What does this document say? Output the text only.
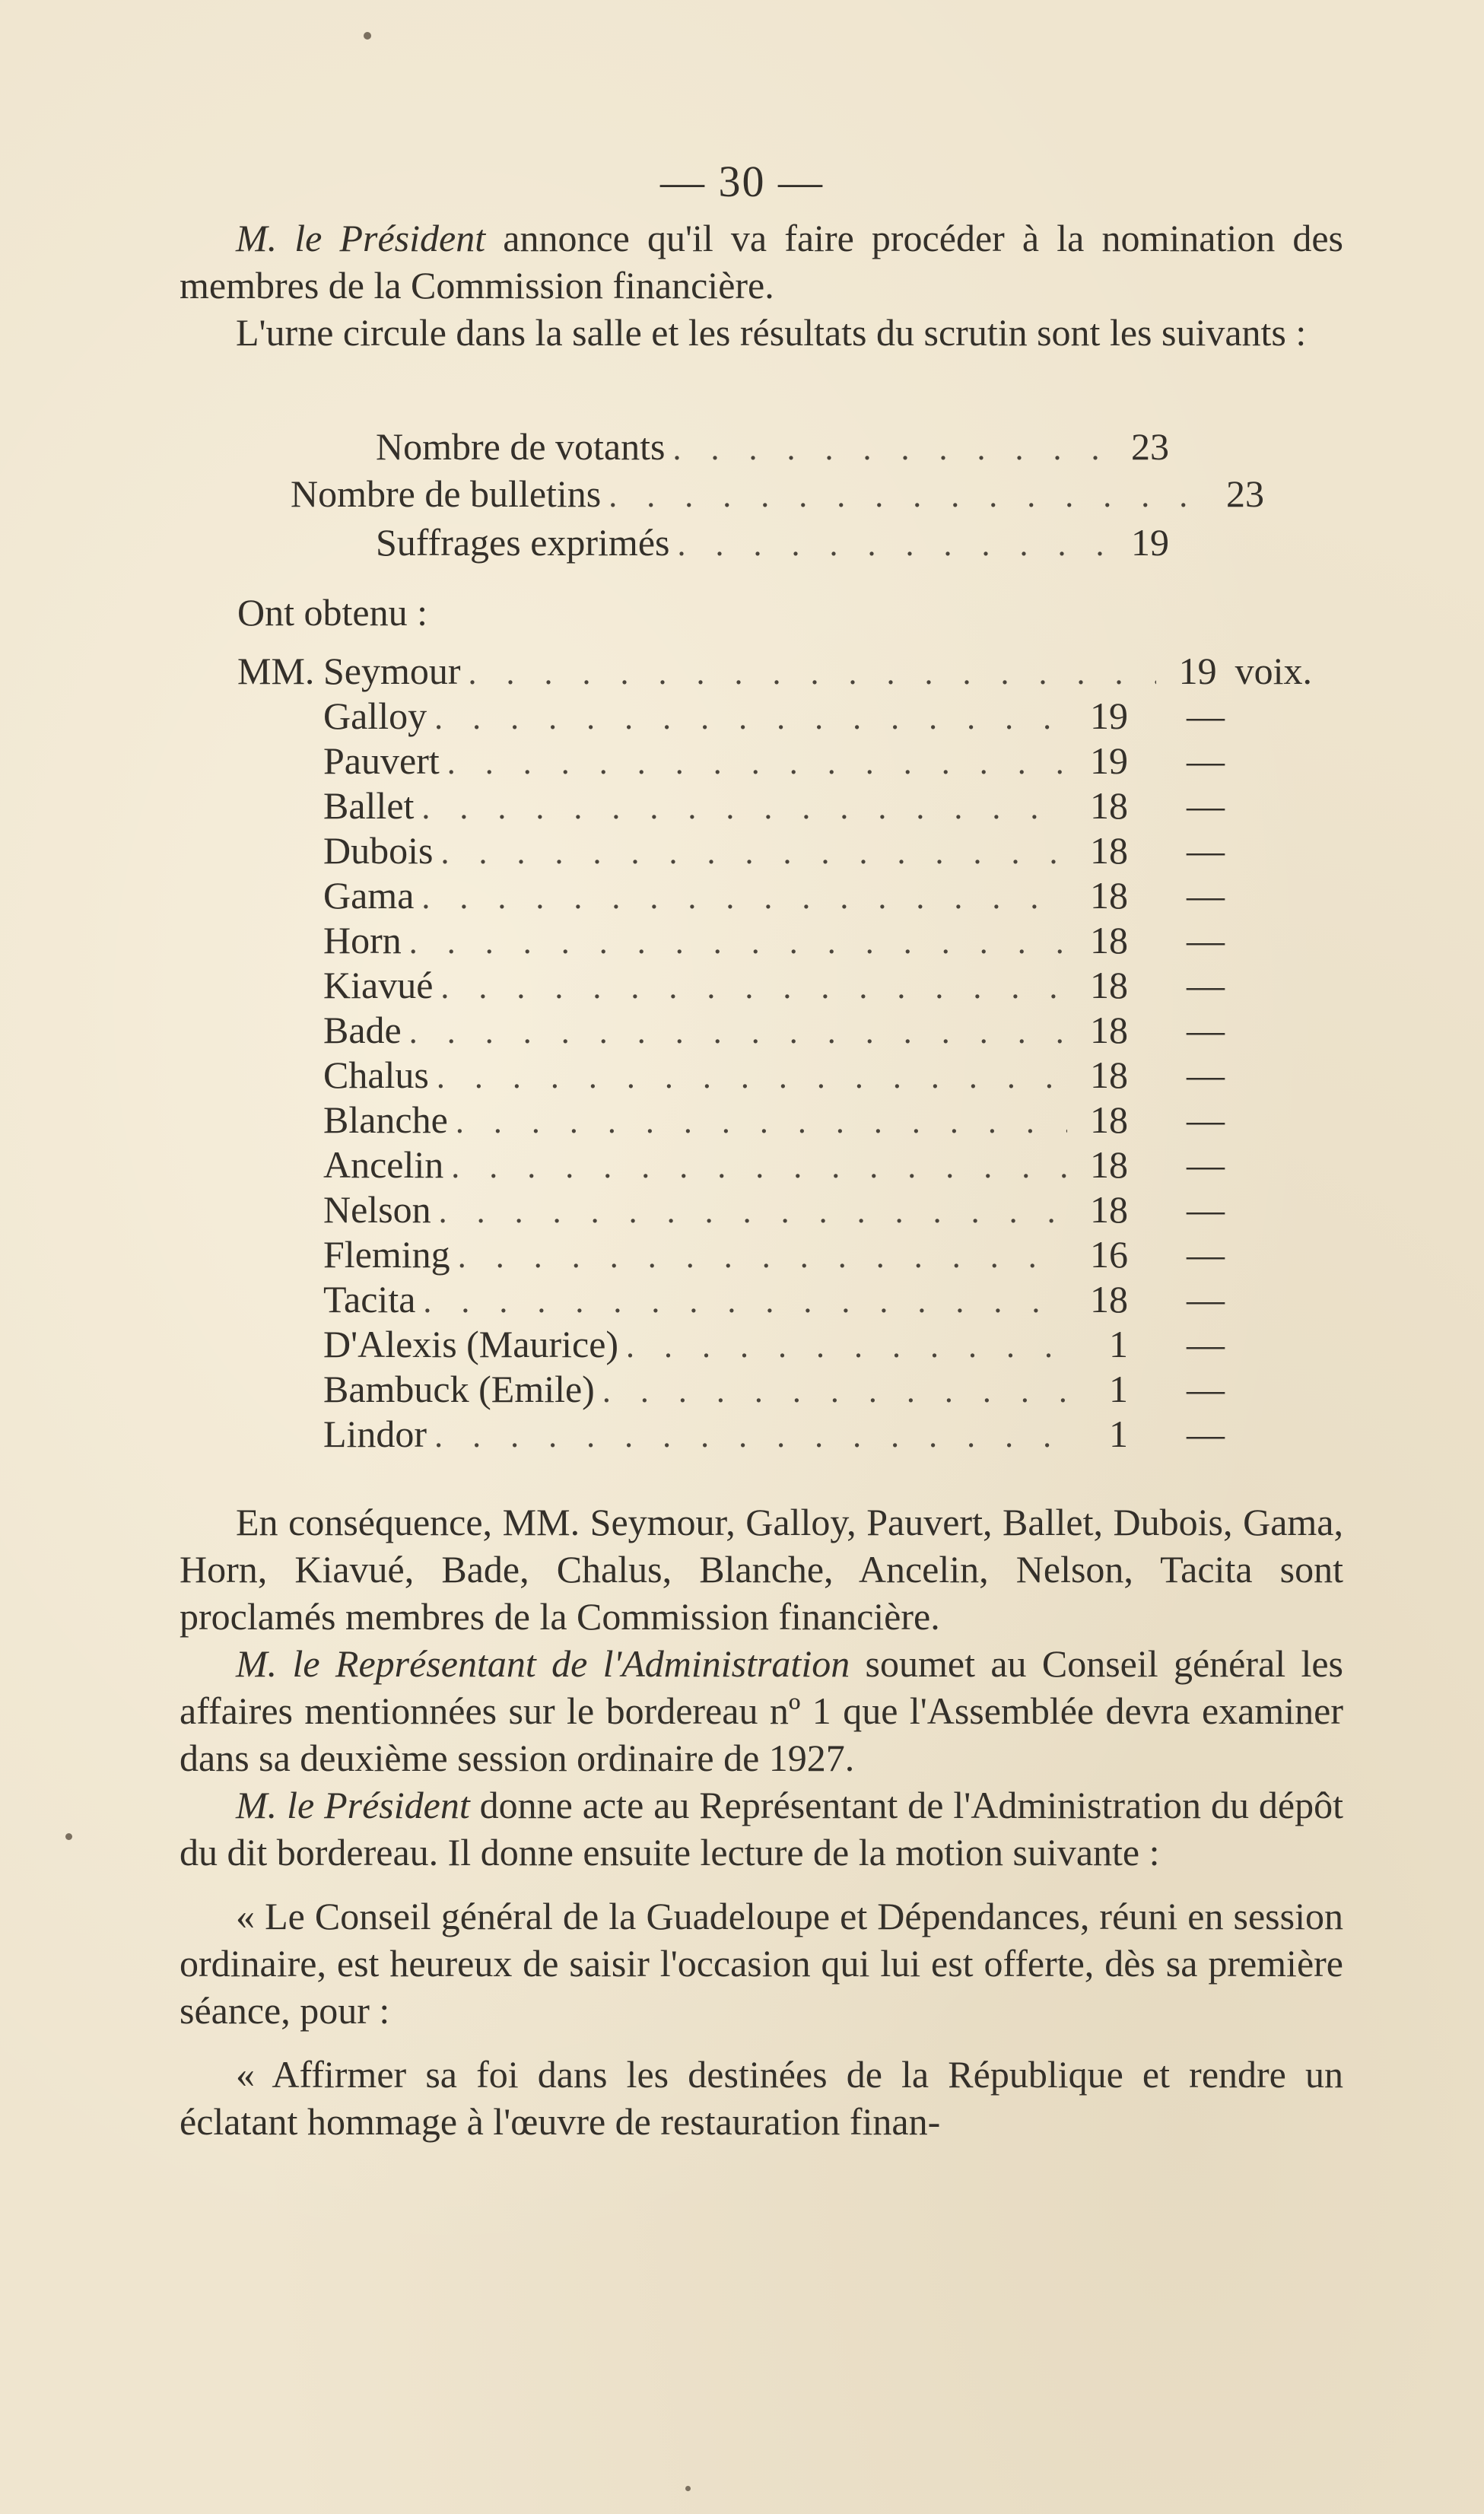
— 30 —

M. le Président annonce qu'il va faire procéder à la nomination des membres de la Commission financière.

L'urne circule dans la salle et les résultats du scrutin sont les suivants :

Nombre de votants . . .	23
Nombre de bulletins . . .	23
Suffrages exprimés . . .	19
Ont obtenu :
MM. Seymour . . .	19 voix.
Galloy . . .	19	—
Pauvert . . .	19	—
Ballet . . .	18	—
Dubois . . .	18	—
Gama . . .	18	—
Horn . . .	18	—
Kiavué . . .	18	—
Bade . . .	18	—
Chalus . . .	18	—
Blanche . . .	18	—
Ancelin . . .	18	—
Nelson . . .	18	—
Fleming . . .	16	—
Tacita . . .	18	—
D'Alexis (Maurice) . . .	1	—
Bambuck (Emile) . . .	1	—
Lindor . . .	1	—

En conséquence, MM. Seymour, Galloy, Pauvert, Ballet, Dubois, Gama, Horn, Kiavué, Bade, Chalus, Blanche, Ancelin, Nelson, Tacita sont proclamés membres de la Commission financière.

M. le Représentant de l'Administration soumet au Conseil général les affaires mentionnées sur le bordereau nº 1 que l'Assemblée devra examiner dans sa deuxième session ordinaire de 1927.

M. le Président donne acte au Représentant de l'Administration du dépôt du dit bordereau. Il donne ensuite lecture de la motion suivante :

« Le Conseil général de la Guadeloupe et Dépendances, réuni en session ordinaire, est heureux de saisir l'occasion qui lui est offerte, dès sa première séance, pour :

« Affirmer sa foi dans les destinées de la République et rendre un éclatant hommage à l'œuvre de restauration finan-
